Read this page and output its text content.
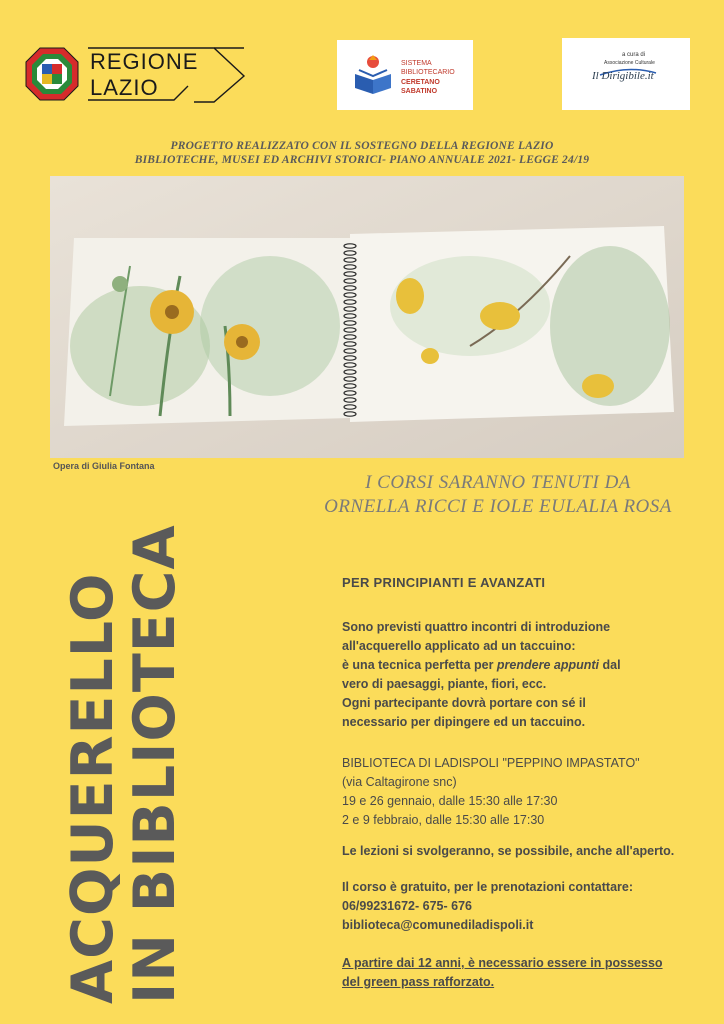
REGIONE
LAZIO
SISTEMA
BIBLIOTECARIO
CERETANO
SABATINO
a cura di
Associazione Culturale
Il Dirigibile.it
PROGETTO REALIZZATO CON IL SOSTEGNO DELLA REGIONE LAZIO
BIBLIOTECHE, MUSEI ED ARCHIVI STORICI- PIANO ANNUALE 2021- LEGGE 24/19
Opera di Giulia Fontana
I CORSI SARANNO TENUTI DA
ORNELLA RICCI E IOLE EULALIA ROSA
ACQUERELLO
IN BIBLIOTECA	PER PRINCIPIANTI E AVANZATI
Sono previsti quattro incontri di introduzione
all'acquerello applicato ad un taccuino:
è una tecnica perfetta per prendere appunti dal
vero di paesaggi, piante, fiori, ecc.
Ogni partecipante dovrà portare con sé il
necessario per dipingere ed un taccuino.
BIBLIOTECA DI LADISPOLI "PEPPINO IMPASTATO"
(via Caltagirone snc)
19 e 26 gennaio, dalle 15:30 alle 17:30
2 e 9 febbraio, dalle 15:30 alle 17:30
Le lezioni si svolgeranno, se possibile, anche all'aperto.
Il corso è gratuito, per le prenotazioni contattare:
06/99231672- 675- 676
biblioteca@comunediladispoli.it
A partire dai 12 anni, è necessario essere in possesso
del green pass rafforzato.
